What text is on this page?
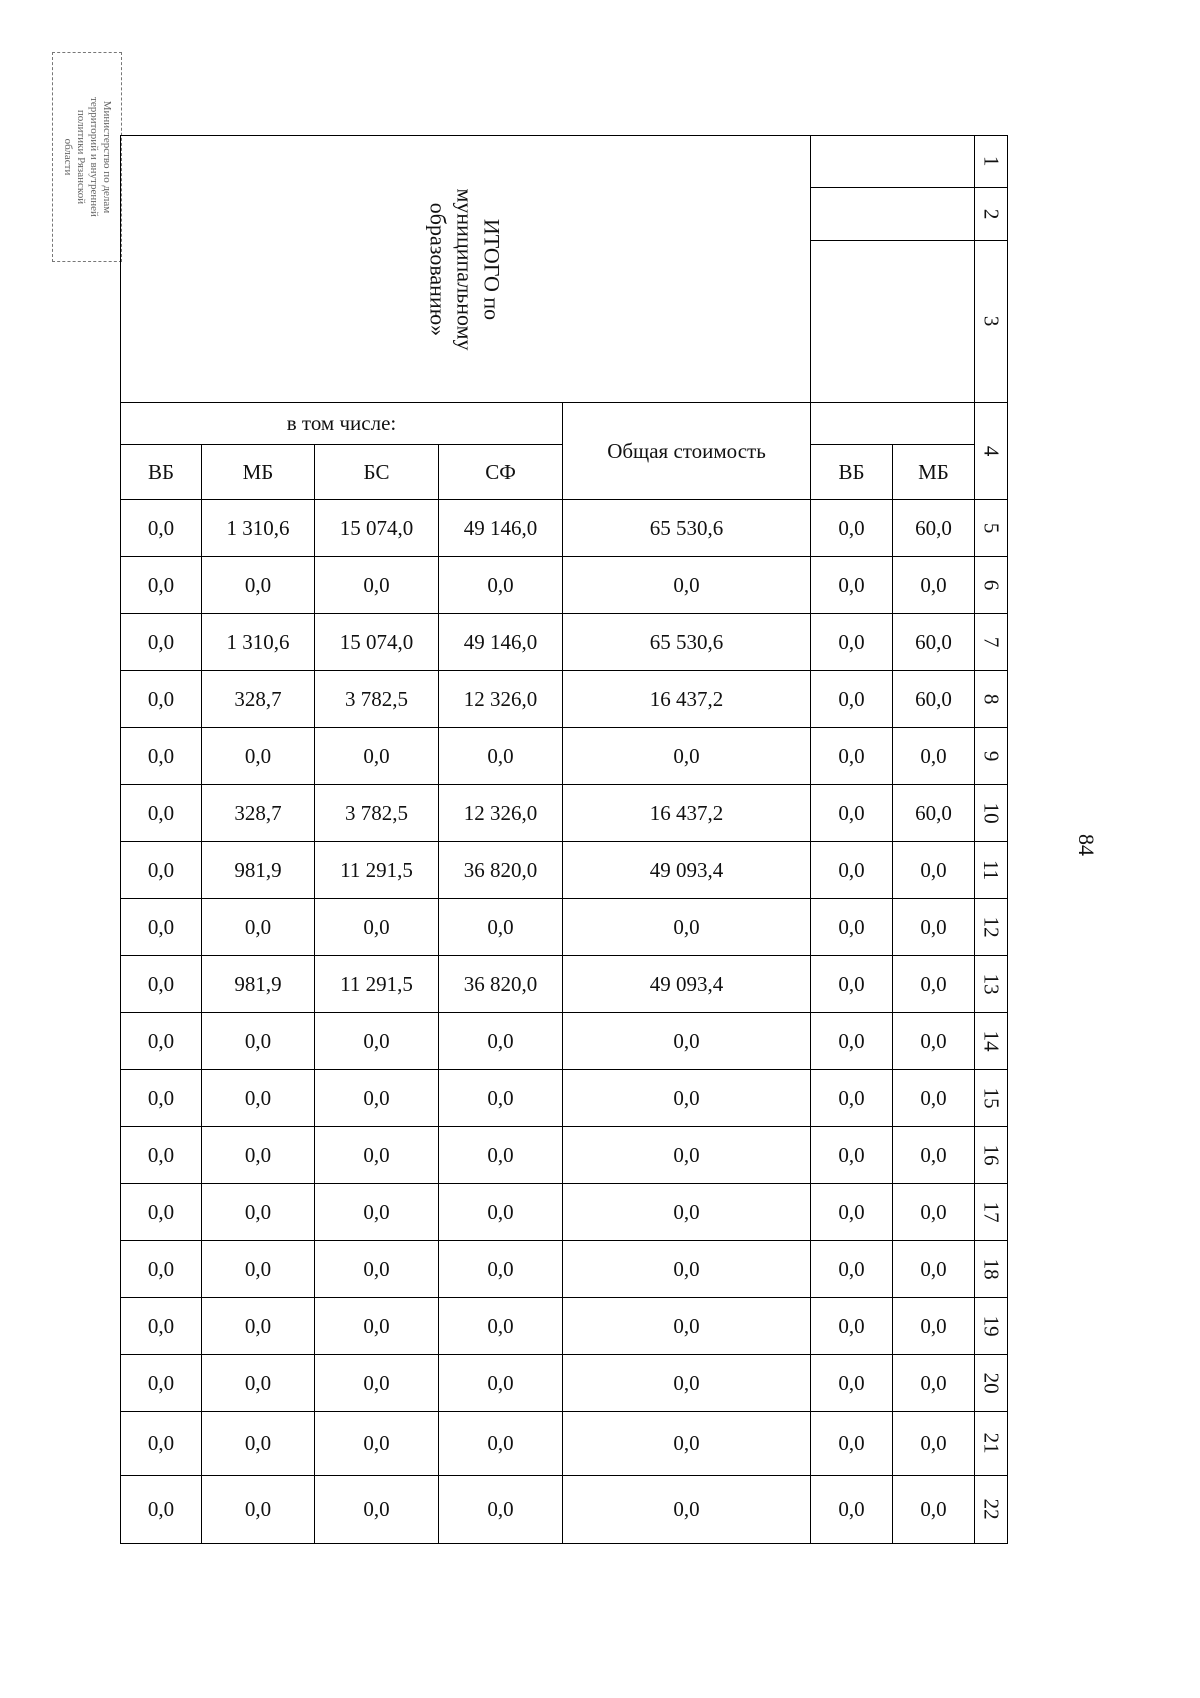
Министерство по делам
территорий и внутренней
политики Рязанской
области
84
ИТОГО по
муниципальному
образованию»							1
							2
							3
в том числе:				Общая стоимость			4
ВБ	МБ	БС	СФ		ВБ	МБ	
0,0	1 310,6	15 074,0	49 146,0	65 530,6	0,0	60,0	5
0,0	0,0	0,0	0,0	0,0	0,0	0,0	6
0,0	1 310,6	15 074,0	49 146,0	65 530,6	0,0	60,0	7
0,0	328,7	3 782,5	12 326,0	16 437,2	0,0	60,0	8
0,0	0,0	0,0	0,0	0,0	0,0	0,0	9
0,0	328,7	3 782,5	12 326,0	16 437,2	0,0	60,0	10
0,0	981,9	11 291,5	36 820,0	49 093,4	0,0	0,0	11
0,0	0,0	0,0	0,0	0,0	0,0	0,0	12
0,0	981,9	11 291,5	36 820,0	49 093,4	0,0	0,0	13
0,0	0,0	0,0	0,0	0,0	0,0	0,0	14
0,0	0,0	0,0	0,0	0,0	0,0	0,0	15
0,0	0,0	0,0	0,0	0,0	0,0	0,0	16
0,0	0,0	0,0	0,0	0,0	0,0	0,0	17
0,0	0,0	0,0	0,0	0,0	0,0	0,0	18
0,0	0,0	0,0	0,0	0,0	0,0	0,0	19
0,0	0,0	0,0	0,0	0,0	0,0	0,0	20
0,0	0,0	0,0	0,0	0,0	0,0	0,0	21
0,0	0,0	0,0	0,0	0,0	0,0	0,0	22
